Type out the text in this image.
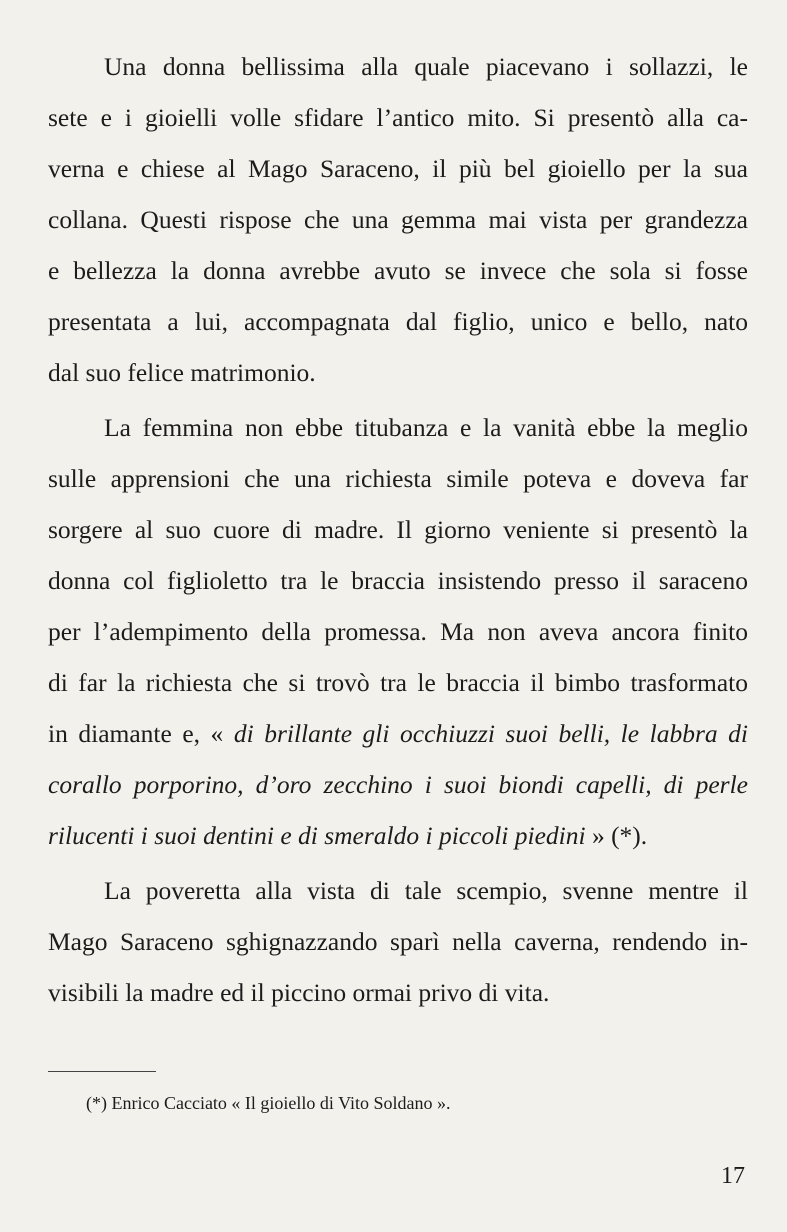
Una donna bellissima alla quale piacevano i sollazzi, le
sete e i gioielli volle sfidare l’antico mito. Si presentò alla ca-
verna e chiese al Mago Saraceno, il più bel gioiello per la sua
collana. Questi rispose che una gemma mai vista per grandezza
e bellezza la donna avrebbe avuto se invece che sola si fosse
presentata a lui, accompagnata dal figlio, unico e bello, nato
dal suo felice matrimonio.
La femmina non ebbe titubanza e la vanità ebbe la meglio
sulle apprensioni che una richiesta simile poteva e doveva far
sorgere al suo cuore di madre. Il giorno veniente si presentò la
donna col figlioletto tra le braccia insistendo presso il saraceno
per l’adempimento della promessa. Ma non aveva ancora finito
di far la richiesta che si trovò tra le braccia il bimbo trasformato
in diamante e, « di brillante gli occhiuzzi suoi belli, le labbra di
corallo porporino, d’oro zecchino i suoi biondi capelli, di perle
rilucenti i suoi dentini e di smeraldo i piccoli piedini » (*).
La poveretta alla vista di tale scempio, svenne mentre il
Mago Saraceno sghignazzando sparì nella caverna, rendendo in-
visibili la madre ed il piccino ormai privo di vita.
(*) Enrico Cacciato « Il gioiello di Vito Soldano ».
17
